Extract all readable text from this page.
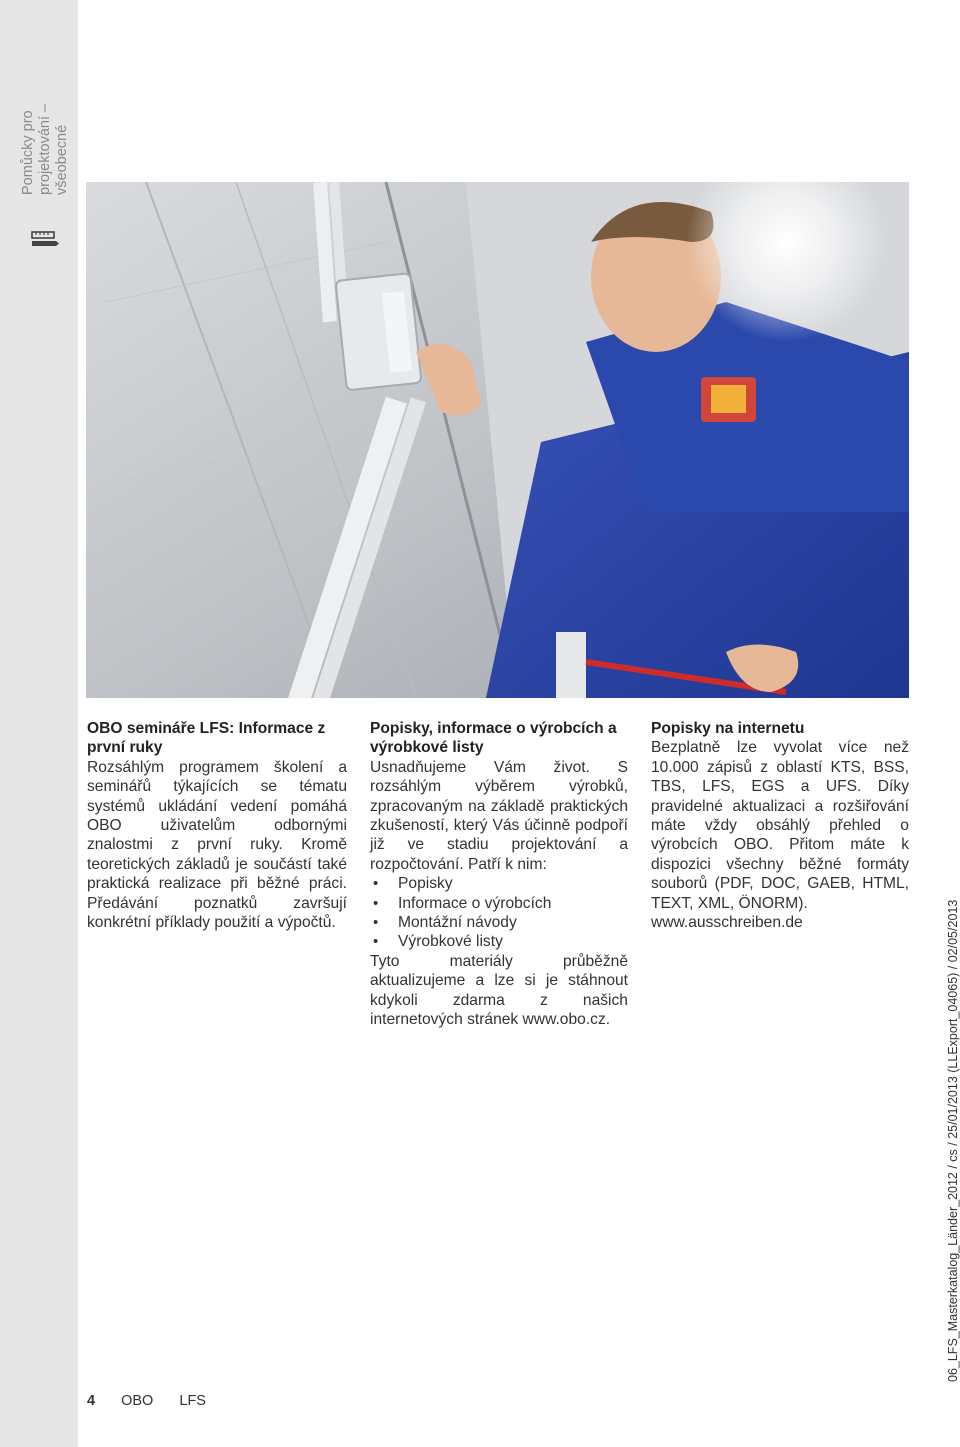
Pomůcky pro projektování – všeobecné
OBO semináře LFS: Informace z
první ruky

Rozsáhlým programem školení a seminářů týkajících se tématu systémů ukládání vedení pomáhá OBO uživatelům odbornými znalostmi z první ruky. Kromě teoretických základů je součástí také praktická realizace při běžné práci. Předávání poznatků završují konkrétní příklady použití a výpočtů.

Popisky, informace o výrobcích a
výrobkové listy

Usnadňujeme Vám život. S rozsáhlým výběrem výrobků, zpracovaným na základě praktických zkušeností, který Vás účinně podpoří již ve stadiu projektování a rozpočtování. Patří k nim:

• Popisky
• Informace o výrobcích
• Montážní návody
• Výrobkové listy

Tyto materiály průběžně aktualizujeme a lze si je stáhnout kdykoli zdarma z našich internetových stránek www.obo.cz.

Popisky na internetu

Bezplatně lze vyvolat více než 10.000 zápisů z oblastí KTS, BSS, TBS, LFS, EGS a UFS. Díky pravidelné aktualizaci a rozšiřování máte vždy obsáhlý přehled o výrobcích OBO. Přitom máte k dispozici všechny běžné formáty souborů (PDF, DOC, GAEB, HTML, TEXT, XML, ÖNORM).

www.ausschreiben.de

4 OBO LFS
06_LFS_Masterkatalog_Länder_2012 / cs / 25/01/2013 (LLExport_04065) / 02/05/2013
